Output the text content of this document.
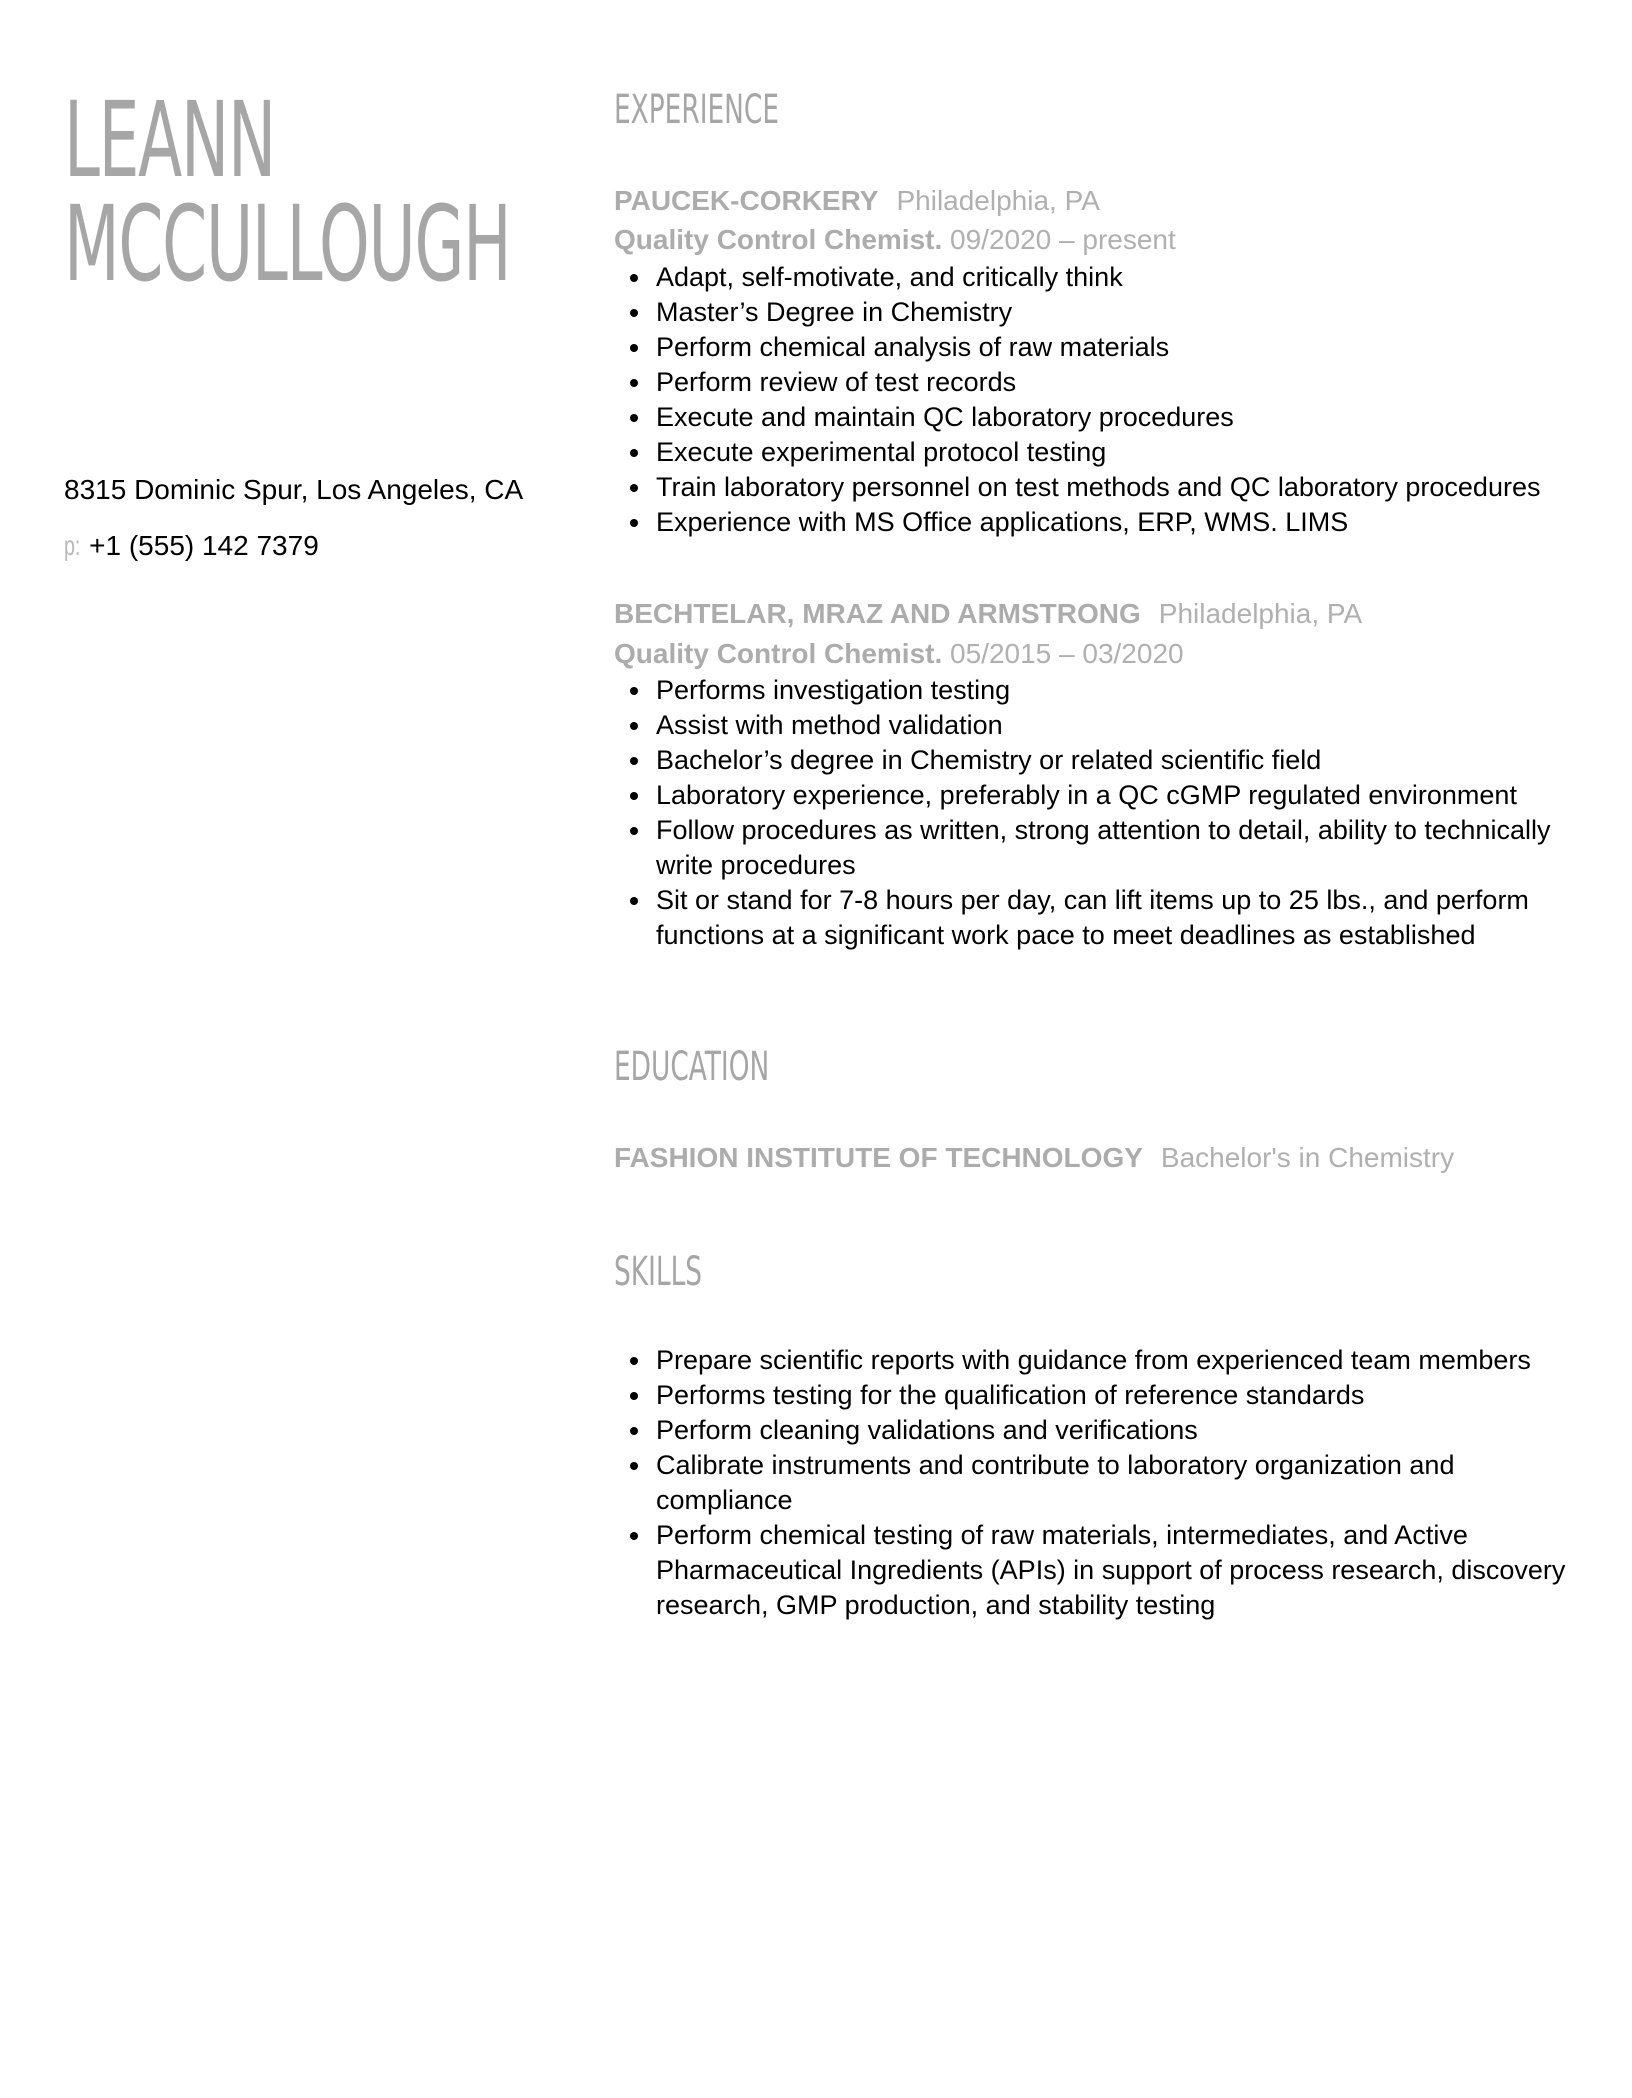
LEANN
MCCULLOUGH
8315 Dominic Spur, Los Angeles, CA
p: +1 (555) 142 7379
EXPERIENCE
PAUCEK-CORKERY Philadelphia, PA
Quality Control Chemist. 09/2020 – present
Adapt, self-motivate, and critically think
Master’s Degree in Chemistry
Perform chemical analysis of raw materials
Perform review of test records
Execute and maintain QC laboratory procedures
Execute experimental protocol testing
Train laboratory personnel on test methods and QC laboratory procedures
Experience with MS Office applications, ERP, WMS. LIMS
BECHTELAR, MRAZ AND ARMSTRONG Philadelphia, PA
Quality Control Chemist. 05/2015 – 03/2020
Performs investigation testing
Assist with method validation
Bachelor’s degree in Chemistry or related scientific field
Laboratory experience, preferably in a QC cGMP regulated environment
Follow procedures as written, strong attention to detail, ability to technically write procedures
Sit or stand for 7-8 hours per day, can lift items up to 25 lbs., and perform functions at a significant work pace to meet deadlines as established
EDUCATION
FASHION INSTITUTE OF TECHNOLOGY Bachelor's in Chemistry
SKILLS
Prepare scientific reports with guidance from experienced team members
Performs testing for the qualification of reference standards
Perform cleaning validations and verifications
Calibrate instruments and contribute to laboratory organization and compliance
Perform chemical testing of raw materials, intermediates, and Active Pharmaceutical Ingredients (APIs) in support of process research, discovery research, GMP production, and stability testing
